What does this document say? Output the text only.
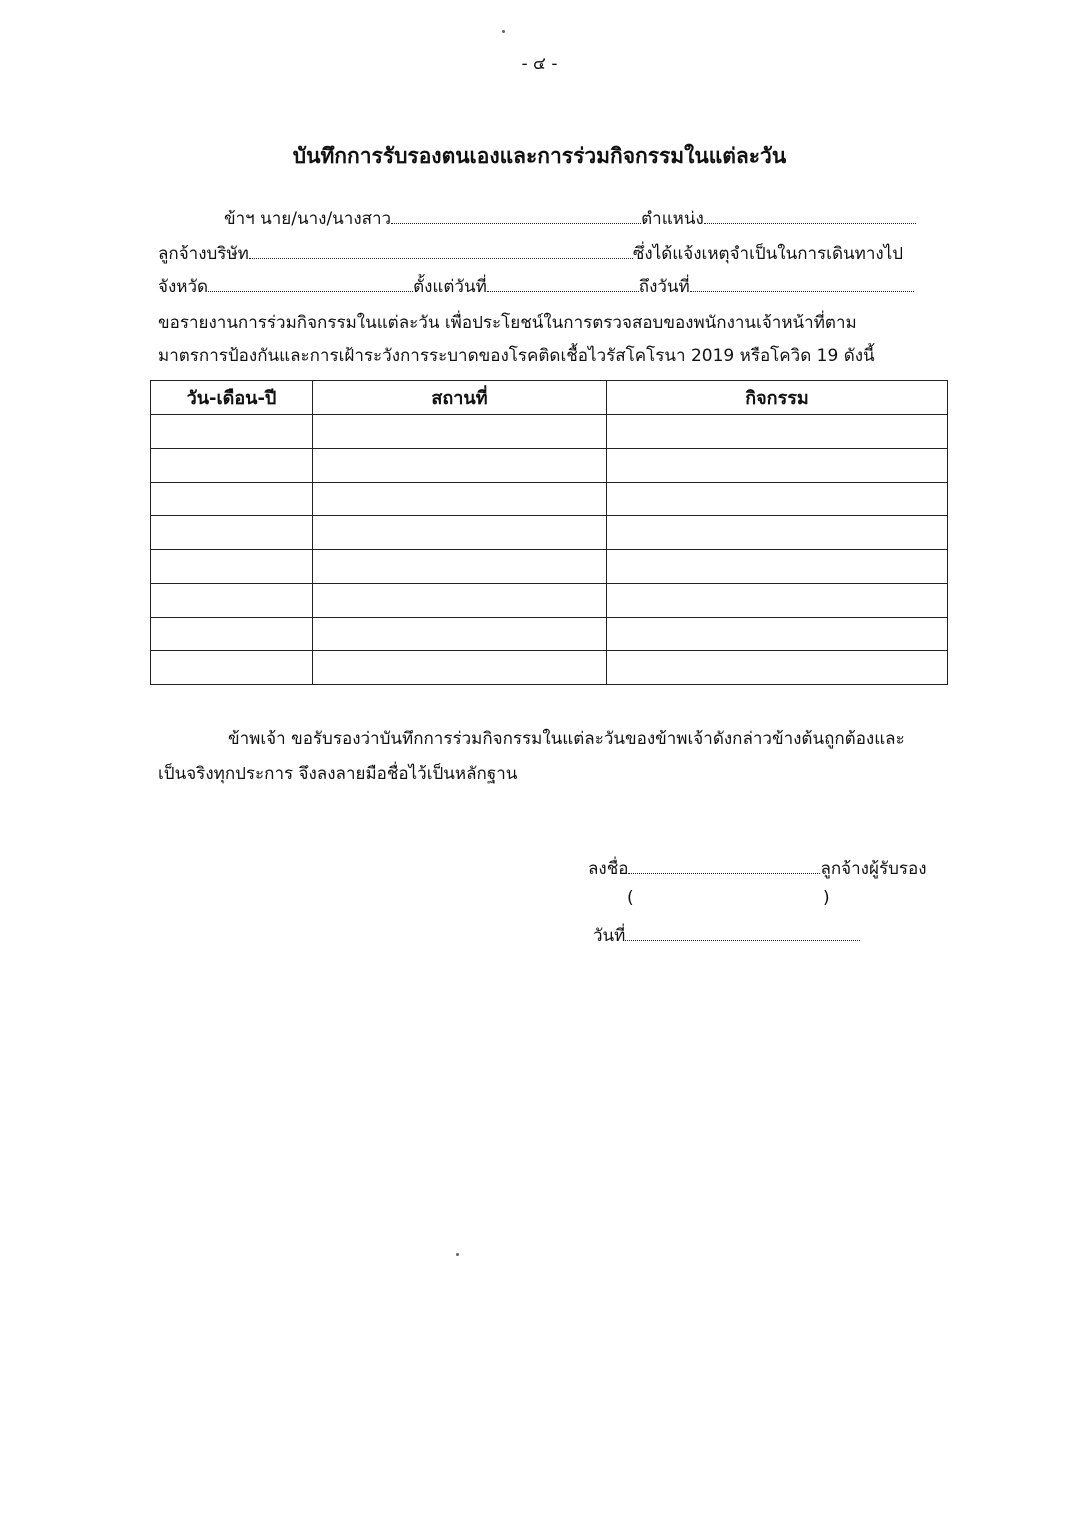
- ๔ -
บันทึกการรับรองตนเองและการร่วมกิจกรรมในแต่ละวัน
ข้าฯ นาย/นาง/นางสาว	ตำแหน่ง
ลูกจ้างบริษัท	ซึ่งได้แจ้งเหตุจำเป็นในการเดินทางไป
จังหวัด	ตั้งแต่วันที่	ถึงวันที่
ขอรายงานการร่วมกิจกรรมในแต่ละวัน เพื่อประโยชน์ในการตรวจสอบของพนักงานเจ้าหน้าที่ตาม
มาตรการป้องกันและการเฝ้าระวังการระบาดของโรคติดเชื้อไวรัสโคโรนา 2019 หรือโควิด 19 ดังนี้
วัน-เดือน-ปี	สถานที่	กิจกรรม

ข้าพเจ้า ขอรับรองว่าบันทึกการร่วมกิจกรรมในแต่ละวันของข้าพเจ้าดังกล่าวข้างต้นถูกต้องและ
เป็นจริงทุกประการ จึงลงลายมือชื่อไว้เป็นหลักฐาน
ลงชื่อ	ลูกจ้างผู้รับรอง
(	)
วันที่
